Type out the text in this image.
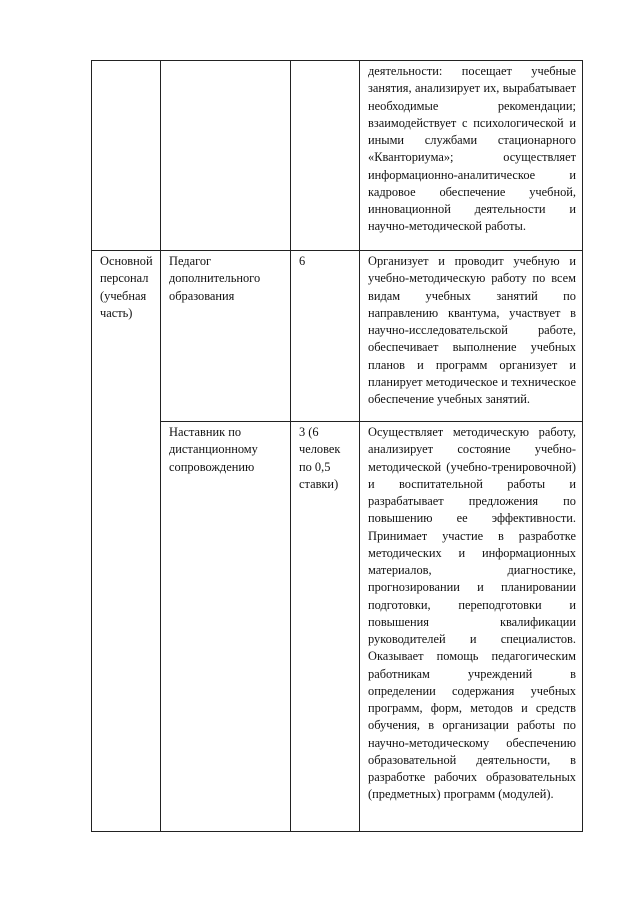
			деятельности: посещает учебные занятия, анализирует их, вырабатывает необходимые рекомендации; взаимодействует с психологической и иными службами стационарного «Кванториума»; осуществляет информационно-аналитическое и кадровое обеспечение учебной, инновационной деятельности и научно-методической работы.
Основной персонал (учебная часть)	Педагог дополнительного образования	6	Организует и проводит учебную и учебно-методическую работу по всем видам учебных занятий по направлению квантума, участвует в научно-исследовательской работе, обеспечивает выполнение учебных планов и программ организует и планирует методическое и техническое обеспечение учебных занятий.
	Наставник по дистанционному сопровождению	3 (6 человек по 0,5 ставки)	Осуществляет методическую работу, анализирует состояние учебно-методической (учебно-тренировочной) и воспитательной работы и разрабатывает предложения по повышению ее эффективности. Принимает участие в разработке методических и информационных материалов, диагностике, прогнозировании и планировании подготовки, переподготовки и повышения квалификации руководителей и специалистов. Оказывает помощь педагогическим работникам учреждений в определении содержания учебных программ, форм, методов и средств обучения, в организации работы по научно-методическому обеспечению образовательной деятельности, в разработке рабочих образовательных (предметных) программ (модулей).
